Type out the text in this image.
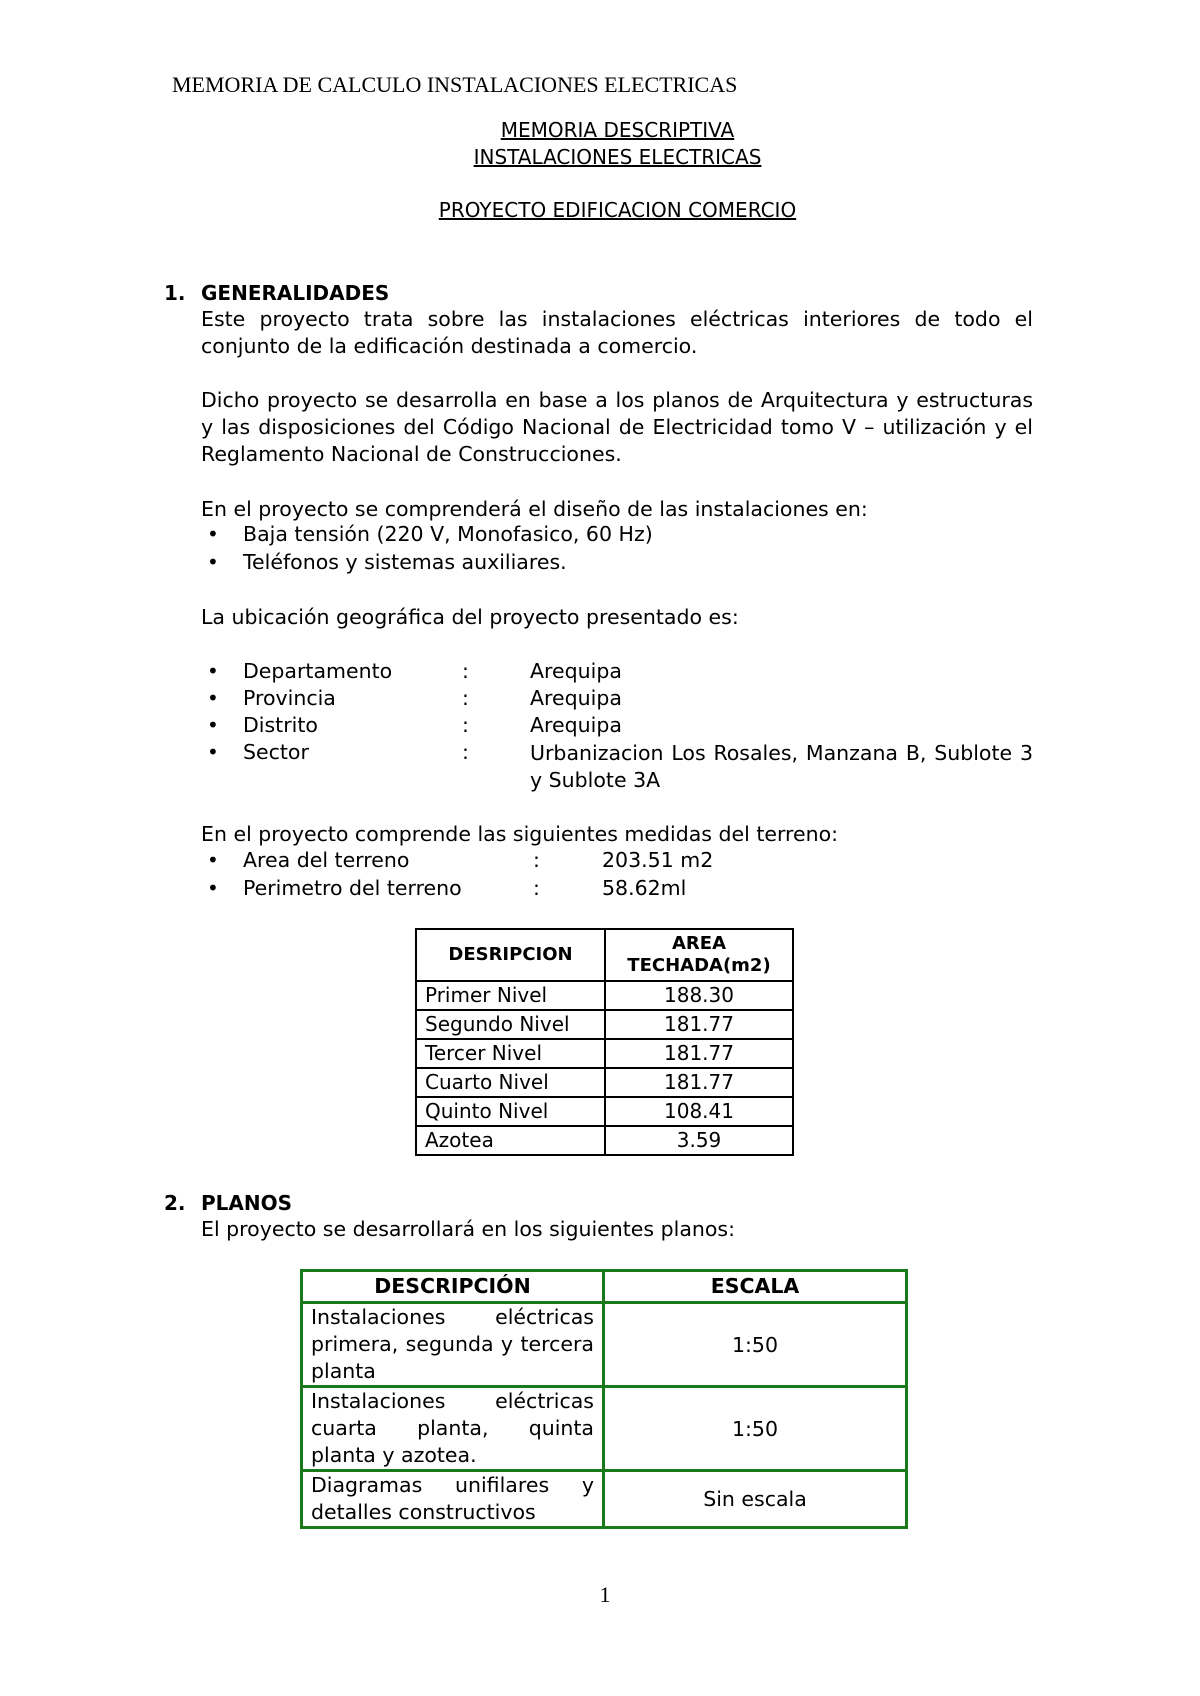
MEMORIA DE CALCULO INSTALACIONES ELECTRICAS
MEMORIA DESCRIPTIVA
INSTALACIONES ELECTRICAS
PROYECTO EDIFICACION COMERCIO
1. GENERALIDADES
Este proyecto trata sobre las instalaciones eléctricas interiores de todo el conjunto de la edificación destinada a comercio.
Dicho proyecto se desarrolla en base a los planos de Arquitectura y estructuras y las disposiciones del Código Nacional de Electricidad tomo V – utilización y el Reglamento Nacional de Construcciones.
En el proyecto se comprenderá el diseño de las instalaciones en:
• Baja tensión (220 V, Monofasico, 60 Hz)
• Teléfonos y sistemas auxiliares.
La ubicación geográfica del proyecto presentado es:
• Departamento	:	Arequipa
• Provincia	:	Arequipa
• Distrito	:	Arequipa
• Sector	:	Urbanizacion Los Rosales, Manzana B, Sublote 3 y Sublote 3A
En el proyecto comprende las siguientes medidas del terreno:
• Area del terreno	:	203.51 m2
• Perimetro del terreno	:	58.62ml
DESRIPCION	AREA TECHADA(m2)
Primer Nivel	188.30
Segundo Nivel	181.77
Tercer Nivel	181.77
Cuarto Nivel	181.77
Quinto Nivel	108.41
Azotea	3.59
2. PLANOS
El proyecto se desarrollará en los siguientes planos:
DESCRIPCIÓN	ESCALA
Instalaciones eléctricas primera, segunda y tercera planta	1:50
Instalaciones eléctricas cuarta planta, quinta planta y azotea.	1:50
Diagramas unifilares y detalles constructivos	Sin escala
1
